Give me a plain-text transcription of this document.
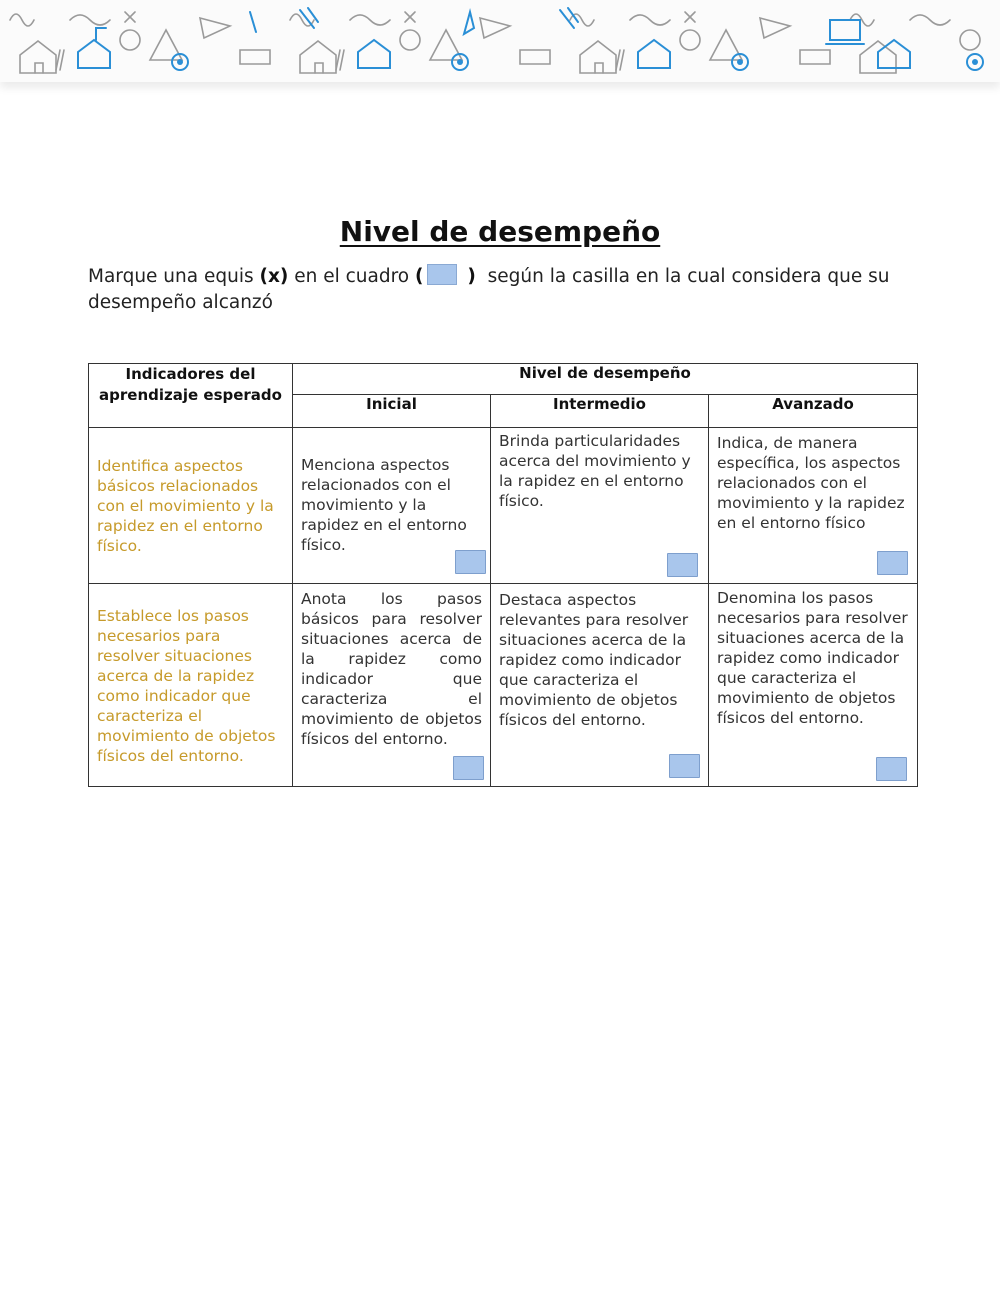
Nivel de desempeño
Marque una equis (x) en el cuadro ( ) según la casilla en la cual considera que su desempeño alcanzó
Indicadores del aprendizaje esperado	Nivel de desempeño		
	Inicial	Intermedio	Avanzado

Identifica aspectos básicos relacionados con el movimiento y la rapidez en el entorno físico.	Menciona aspectos relacionados con el movimiento y la rapidez en el entorno físico.	Brinda particularidades acerca del movimiento y la rapidez en el entorno físico.	Indica, de manera específica, los aspectos relacionados con el movimiento y la rapidez en el entorno físico

Establece los pasos necesarios para resolver situaciones acerca de la rapidez como indicador que caracteriza el movimiento de objetos físicos del entorno.	Anota los pasos básicos para resolver situaciones acerca de la rapidez como indicador que caracteriza el movimiento de objetos físicos del entorno.	Destaca aspectos relevantes para resolver situaciones acerca de la rapidez como indicador que caracteriza el movimiento de objetos físicos del entorno.	Denomina los pasos necesarios para resolver situaciones acerca de la rapidez como indicador que caracteriza el movimiento de objetos físicos del entorno.
